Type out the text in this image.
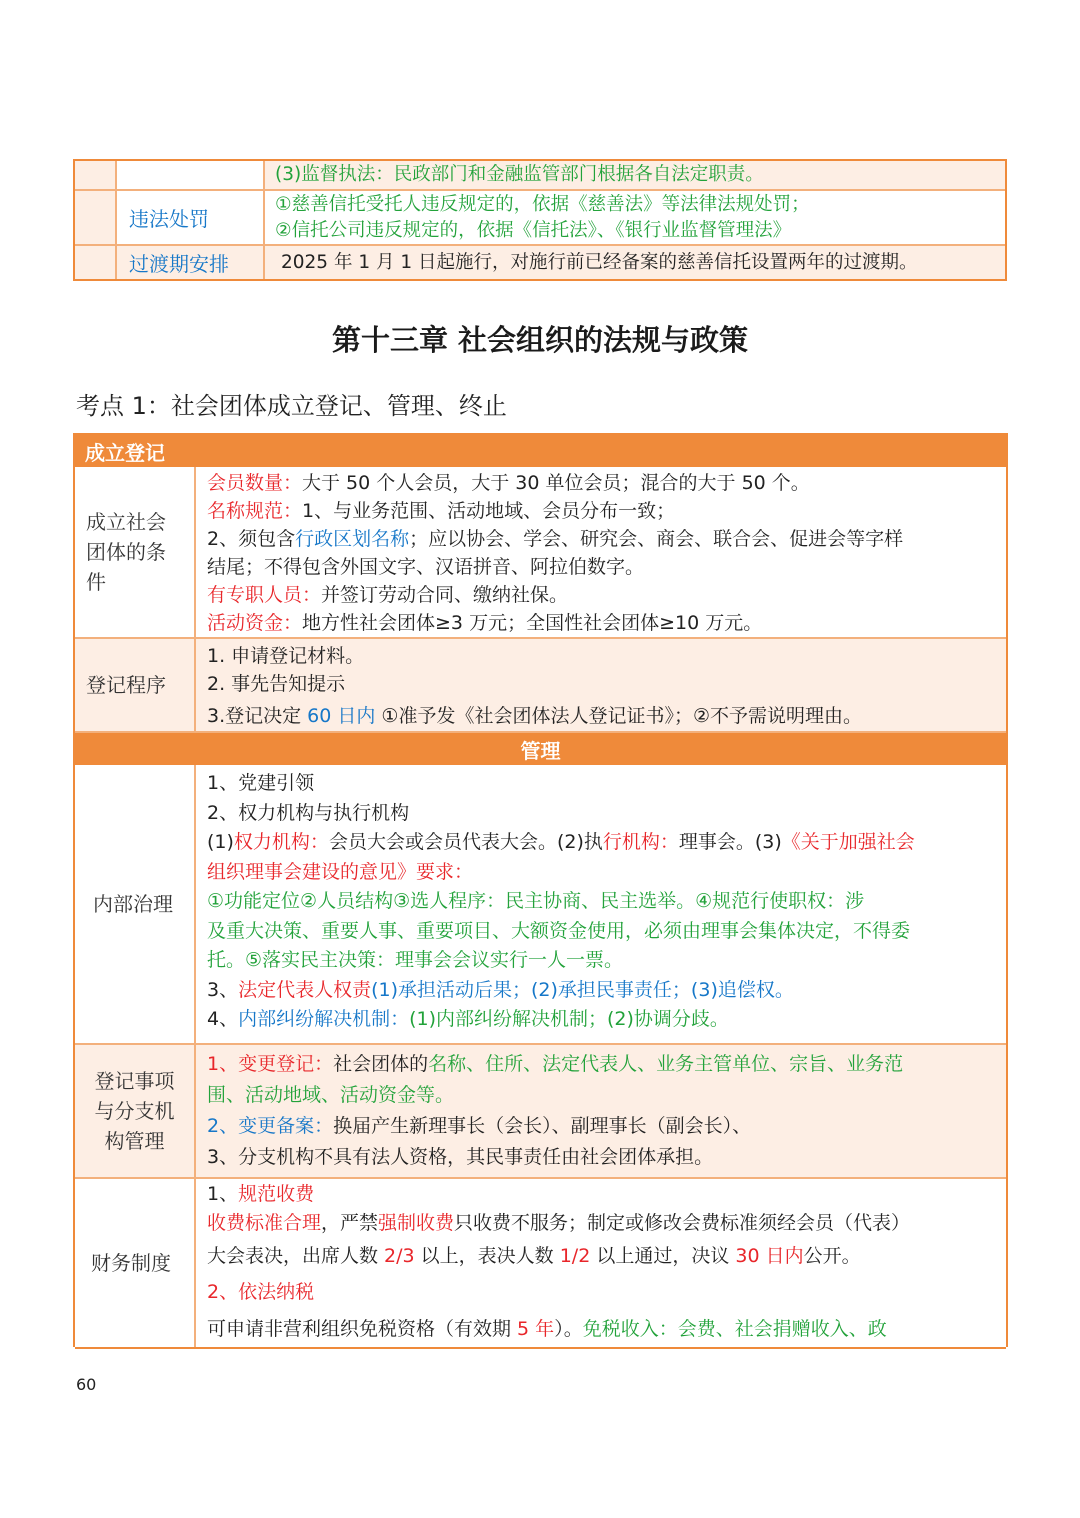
(3)监督执法：民政部门和金融监管部门根据各自法定职责。
违法处罚
①慈善信托受托人违反规定的，依据《慈善法》等法律法规处罚；
②信托公司违反规定的，依据《信托法》、《银行业监督管理法》
过渡期安排	2025 年 1 月 1 日起施行，对施行前已经备案的慈善信托设置两年的过渡期。
第十三章 社会组织的法规与政策
考点 1：社会团体成立登记、管理、终止
成立登记
成立社会
团体的条
件
会员数量：大于 50 个人会员，大于 30 单位会员；混合的大于 50 个。
名称规范：1、与业务范围、活动地域、会员分布一致；
2、须包含行政区划名称；应以协会、学会、研究会、商会、联合会、促进会等字样
结尾；不得包含外国文字、汉语拼音、阿拉伯数字。
有专职人员：并签订劳动合同、缴纳社保。
活动资金：地方性社会团体≥3 万元；全国性社会团体≥10 万元。
登记程序
1. 申请登记材料。
2. 事先告知提示
3.登记决定 60 日内 ①准予发《社会团体法人登记证书》；②不予需说明理由。
管理
内部治理
1、党建引领
2、权力机构与执行机构
(1)权力机构：会员大会或会员代表大会。(2)执行机构：理事会。(3)《关于加强社会
组织理事会建设的意见》要求：
①功能定位②人员结构③选人程序：民主协商、民主选举。④规范行使职权：涉
及重大决策、重要人事、重要项目、大额资金使用，必须由理事会集体决定，不得委
托。⑤落实民主决策：理事会会议实行一人一票。
3、法定代表人权责(1)承担活动后果；(2)承担民事责任；(3)追偿权。
4、内部纠纷解决机制：(1)内部纠纷解决机制；(2)协调分歧。
登记事项
与分支机
构管理
1、变更登记：社会团体的名称、住所、法定代表人、业务主管单位、宗旨、业务范
围、活动地域、活动资金等。
2、变更备案：换届产生新理事长（会长）、副理事长（副会长）、
3、分支机构不具有法人资格，其民事责任由社会团体承担。
财务制度
1、规范收费
收费标准合理，严禁强制收费只收费不服务；制定或修改会费标准须经会员（代表）
大会表决，出席人数 2/3 以上，表决人数 1/2 以上通过，决议 30 日内公开。
2、依法纳税
可申请非营利组织免税资格（有效期 5 年）。免税收入：会费、社会捐赠收入、政
60
